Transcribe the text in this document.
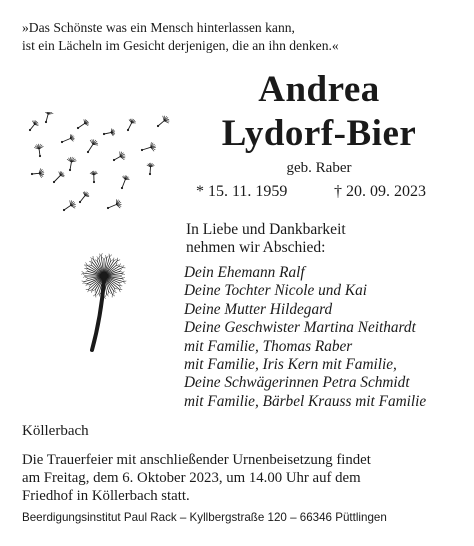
»Das Schönste was ein Mensch hinterlassen kann,
ist ein Lächeln im Gesicht derjenigen, die an ihn denken.«
Andrea
Lydorf-Bier
geb. Raber
* 15. 11. 1959	† 20. 09. 2023
In Liebe und Dankbarkeit
nehmen wir Abschied:
Dein Ehemann Ralf
Deine Tochter Nicole und Kai
Deine Mutter Hildegard
Deine Geschwister Martina Neithardt
mit Familie, Thomas Raber
mit Familie, Iris Kern mit Familie,
Deine Schwägerinnen Petra Schmidt
mit Familie, Bärbel Krauss mit Familie
Köllerbach
Die Trauerfeier mit anschließender Urnenbeisetzung findet
am Freitag, dem 6. Oktober 2023, um 14.00 Uhr auf dem
Friedhof in Köllerbach statt.
Beerdigungsinstitut Paul Rack – Kyllbergstraße 120 – 66346 Püttlingen
